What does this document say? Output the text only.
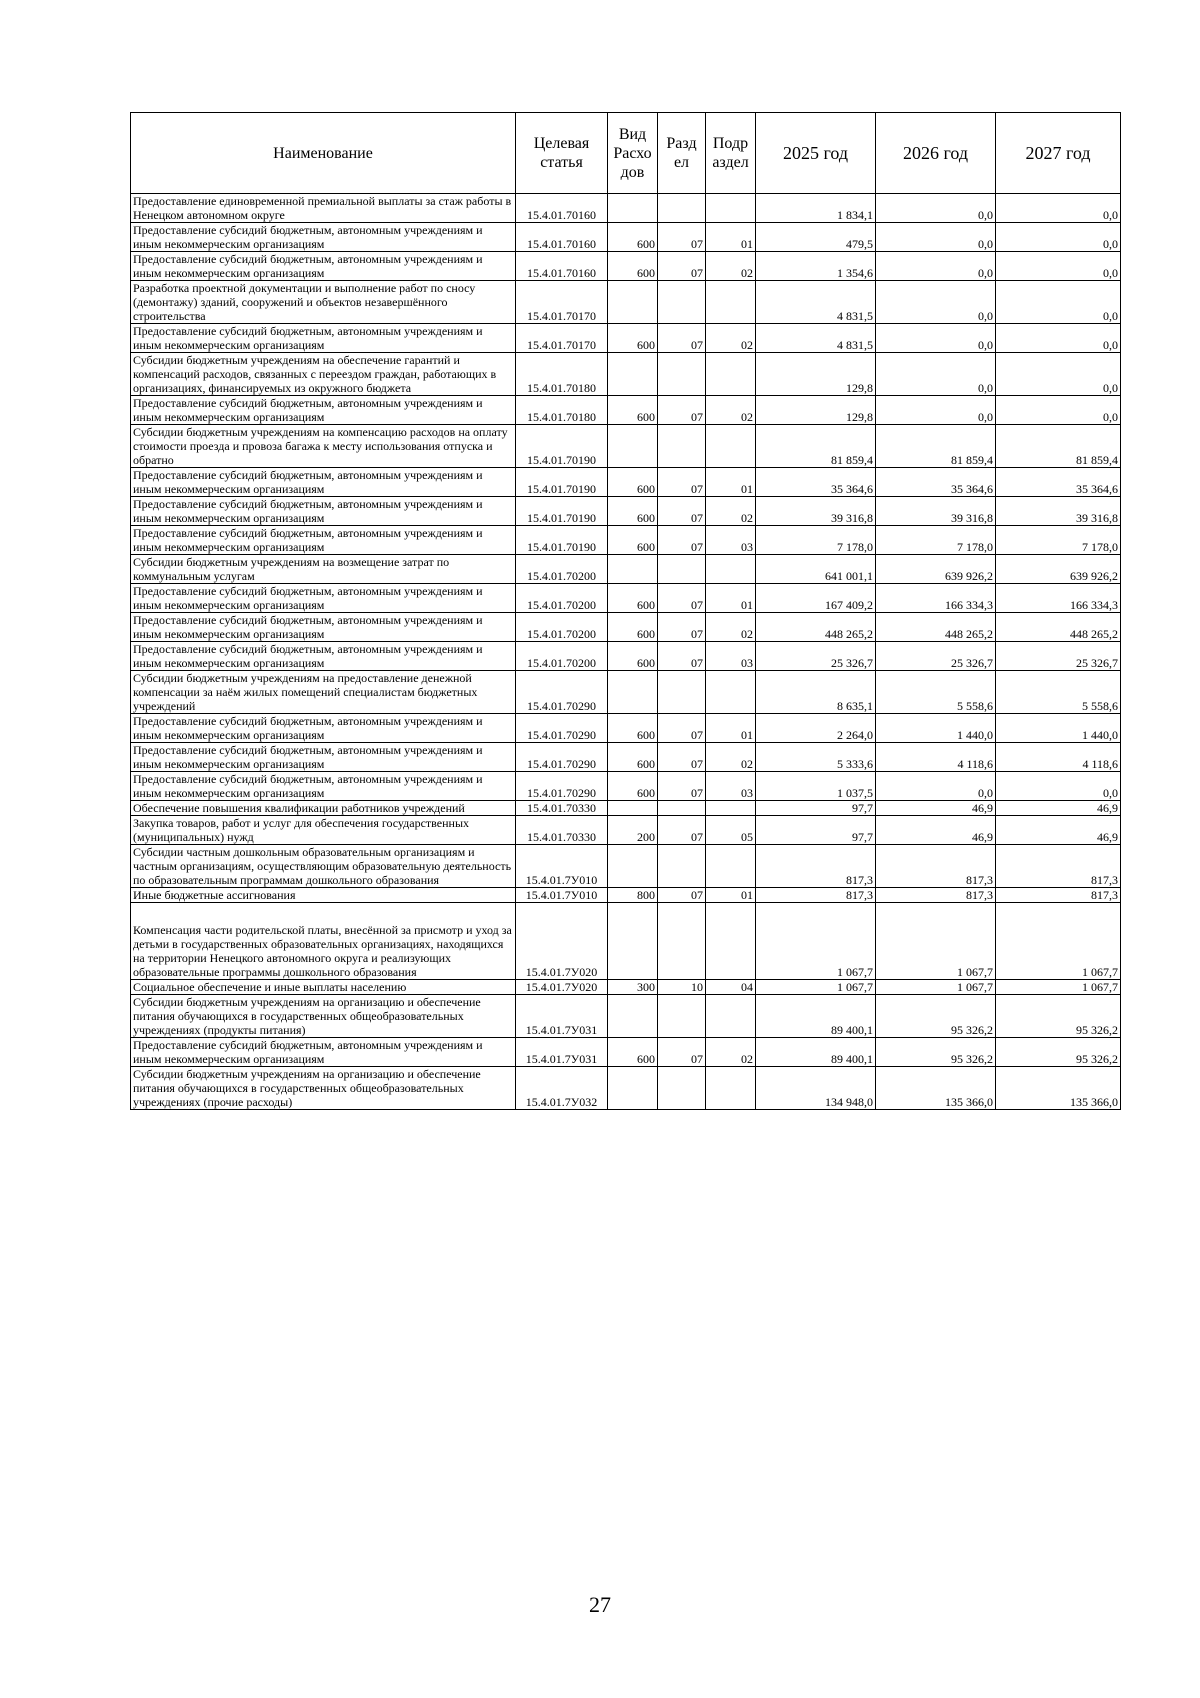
Наименование	Целевая статья	Вид Расхо дов	Разд ел	Подр аздел	2025 год	2026 год	2027 год
Предоставление единовременной премиальной выплаты за стаж работы в Ненецком автономном округе	15.4.01.70160				1 834,1	0,0	0,0
Предоставление субсидий бюджетным, автономным учреждениям и иным некоммерческим организациям	15.4.01.70160	600	07	01	479,5	0,0	0,0
Предоставление субсидий бюджетным, автономным учреждениям и иным некоммерческим организациям	15.4.01.70160	600	07	02	1 354,6	0,0	0,0
Разработка проектной документации и выполнение работ по сносу (демонтажу) зданий, сооружений и объектов незавершённого строительства	15.4.01.70170				4 831,5	0,0	0,0
Предоставление субсидий бюджетным, автономным учреждениям и иным некоммерческим организациям	15.4.01.70170	600	07	02	4 831,5	0,0	0,0
Субсидии бюджетным учреждениям на обеспечение гарантий и компенсаций расходов, связанных с переездом граждан, работающих в организациях, финансируемых из окружного бюджета	15.4.01.70180				129,8	0,0	0,0
Предоставление субсидий бюджетным, автономным учреждениям и иным некоммерческим организациям	15.4.01.70180	600	07	02	129,8	0,0	0,0
Субсидии бюджетным учреждениям на компенсацию расходов на оплату стоимости проезда и провоза багажа к месту использования отпуска и обратно	15.4.01.70190				81 859,4	81 859,4	81 859,4
Предоставление субсидий бюджетным, автономным учреждениям и иным некоммерческим организациям	15.4.01.70190	600	07	01	35 364,6	35 364,6	35 364,6
Предоставление субсидий бюджетным, автономным учреждениям и иным некоммерческим организациям	15.4.01.70190	600	07	02	39 316,8	39 316,8	39 316,8
Предоставление субсидий бюджетным, автономным учреждениям и иным некоммерческим организациям	15.4.01.70190	600	07	03	7 178,0	7 178,0	7 178,0
Субсидии бюджетным учреждениям на возмещение затрат по коммунальным услугам	15.4.01.70200				641 001,1	639 926,2	639 926,2
Предоставление субсидий бюджетным, автономным учреждениям и иным некоммерческим организациям	15.4.01.70200	600	07	01	167 409,2	166 334,3	166 334,3
Предоставление субсидий бюджетным, автономным учреждениям и иным некоммерческим организациям	15.4.01.70200	600	07	02	448 265,2	448 265,2	448 265,2
Предоставление субсидий бюджетным, автономным учреждениям и иным некоммерческим организациям	15.4.01.70200	600	07	03	25 326,7	25 326,7	25 326,7
Субсидии бюджетным учреждениям на предоставление денежной компенсации за наём жилых помещений специалистам бюджетных учреждений	15.4.01.70290				8 635,1	5 558,6	5 558,6
Предоставление субсидий бюджетным, автономным учреждениям и иным некоммерческим организациям	15.4.01.70290	600	07	01	2 264,0	1 440,0	1 440,0
Предоставление субсидий бюджетным, автономным учреждениям и иным некоммерческим организациям	15.4.01.70290	600	07	02	5 333,6	4 118,6	4 118,6
Предоставление субсидий бюджетным, автономным учреждениям и иным некоммерческим организациям	15.4.01.70290	600	07	03	1 037,5	0,0	0,0
Обеспечение повышения квалификации работников учреждений	15.4.01.70330				97,7	46,9	46,9
Закупка товаров, работ и услуг для обеспечения государственных (муниципальных) нужд	15.4.01.70330	200	07	05	97,7	46,9	46,9
Субсидии частным дошкольным образовательным организациям и частным организациям, осуществляющим образовательную деятельность по образовательным программам дошкольного образования	15.4.01.7У010				817,3	817,3	817,3
Иные бюджетные ассигнования	15.4.01.7У010	800	07	01	817,3	817,3	817,3
Компенсация части родительской платы, внесённой за присмотр и уход за детьми в государственных образовательных организациях, находящихся на территории Ненецкого автономного округа и реализующих образовательные программы дошкольного образования	15.4.01.7У020				1 067,7	1 067,7	1 067,7
Социальное обеспечение и иные выплаты населению	15.4.01.7У020	300	10	04	1 067,7	1 067,7	1 067,7
Субсидии бюджетным учреждениям на организацию и обеспечение питания обучающихся в государственных общеобразовательных учреждениях (продукты питания)	15.4.01.7У031				89 400,1	95 326,2	95 326,2
Предоставление субсидий бюджетным, автономным учреждениям и иным некоммерческим организациям	15.4.01.7У031	600	07	02	89 400,1	95 326,2	95 326,2
Субсидии бюджетным учреждениям на организацию и обеспечение питания обучающихся в государственных общеобразовательных учреждениях (прочие расходы)	15.4.01.7У032				134 948,0	135 366,0	135 366,0
27
